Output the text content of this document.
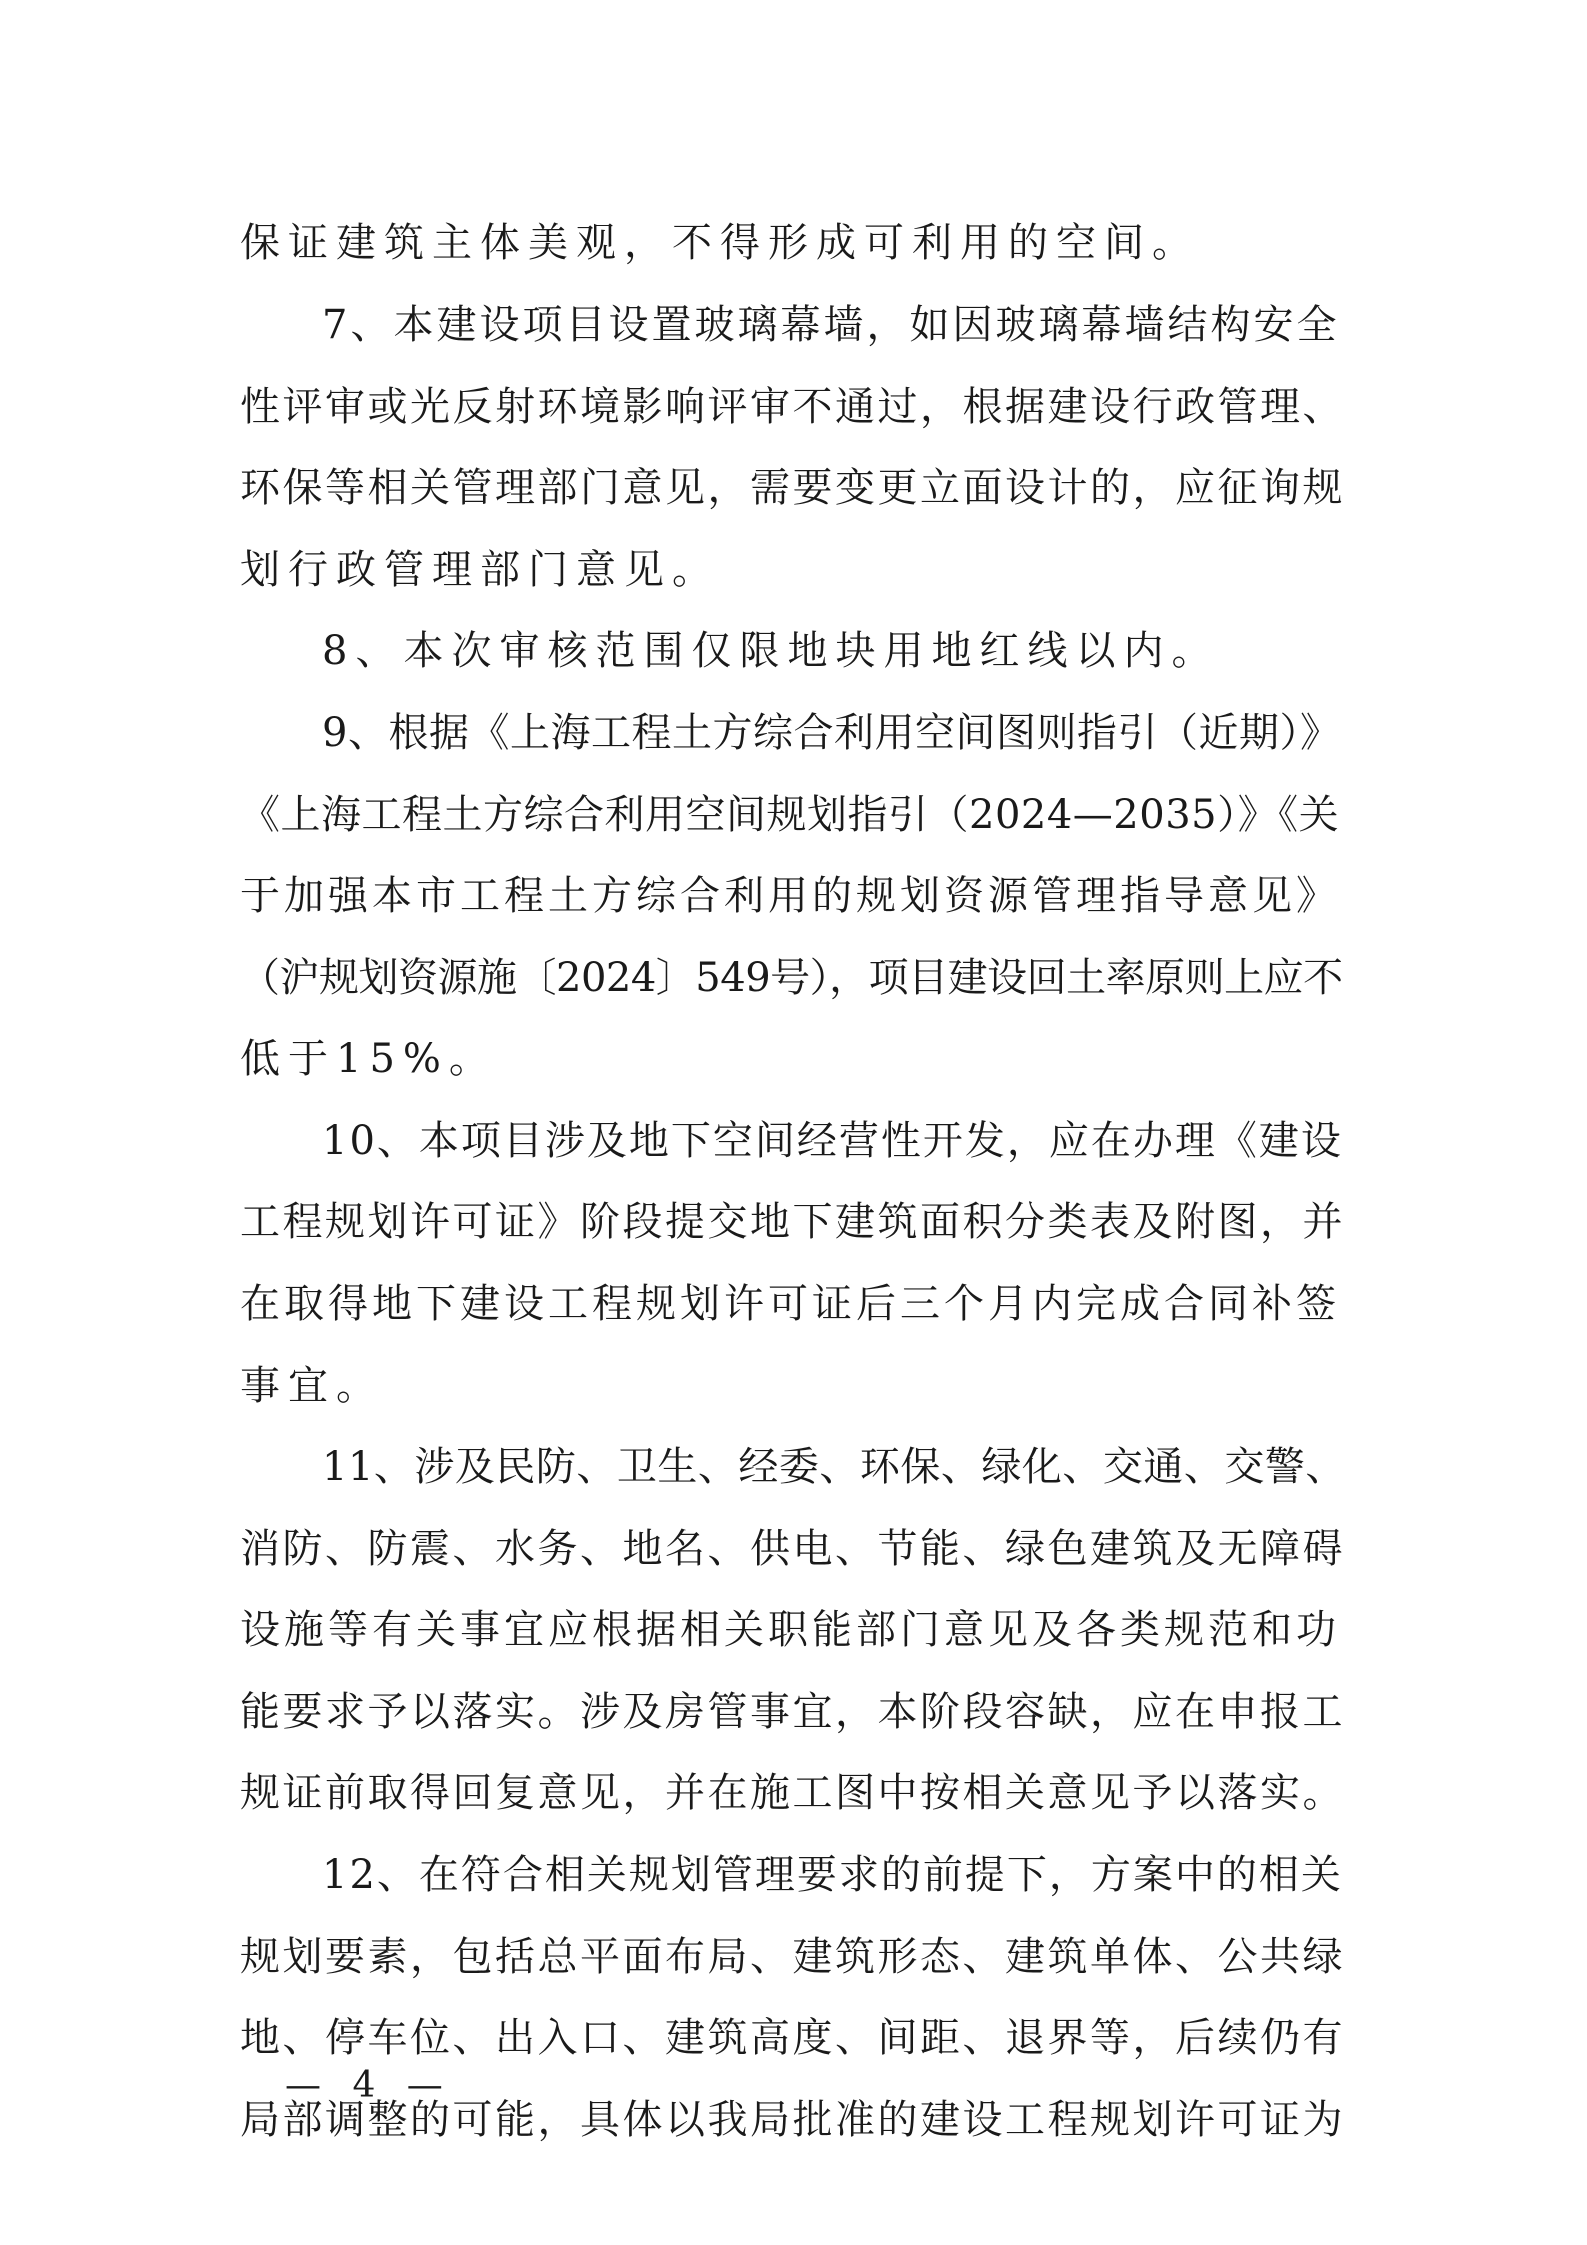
保证建筑主体美观，不得形成可利用的空间。
7、本建设项目设置玻璃幕墙，如因玻璃幕墙结构安全
性评审或光反射环境影响评审不通过，根据建设行政管理、
环保等相关管理部门意见，需要变更立面设计的，应征询规
划行政管理部门意见。
8、本次审核范围仅限地块用地红线以内。
9、根据《上海工程土方综合利用空间图则指引（近期）》
《上海工程土方综合利用空间规划指引（2024—2035）》《关
于加强本市工程土方综合利用的规划资源管理指导意见》
（沪规划资源施〔2024〕549号），项目建设回土率原则上应不
低于15%。
10、本项目涉及地下空间经营性开发，应在办理《建设
工程规划许可证》阶段提交地下建筑面积分类表及附图，并
在取得地下建设工程规划许可证后三个月内完成合同补签
事宜。
11、涉及民防、卫生、经委、环保、绿化、交通、交警、
消防、防震、水务、地名、供电、节能、绿色建筑及无障碍
设施等有关事宜应根据相关职能部门意见及各类规范和功
能要求予以落实。涉及房管事宜，本阶段容缺，应在申报工
规证前取得回复意见，并在施工图中按相关意见予以落实。
12、在符合相关规划管理要求的前提下，方案中的相关
规划要素，包括总平面布局、建筑形态、建筑单体、公共绿
地、停车位、出入口、建筑高度、间距、退界等，后续仍有
局部调整的可能，具体以我局批准的建设工程规划许可证为
— 4 —
